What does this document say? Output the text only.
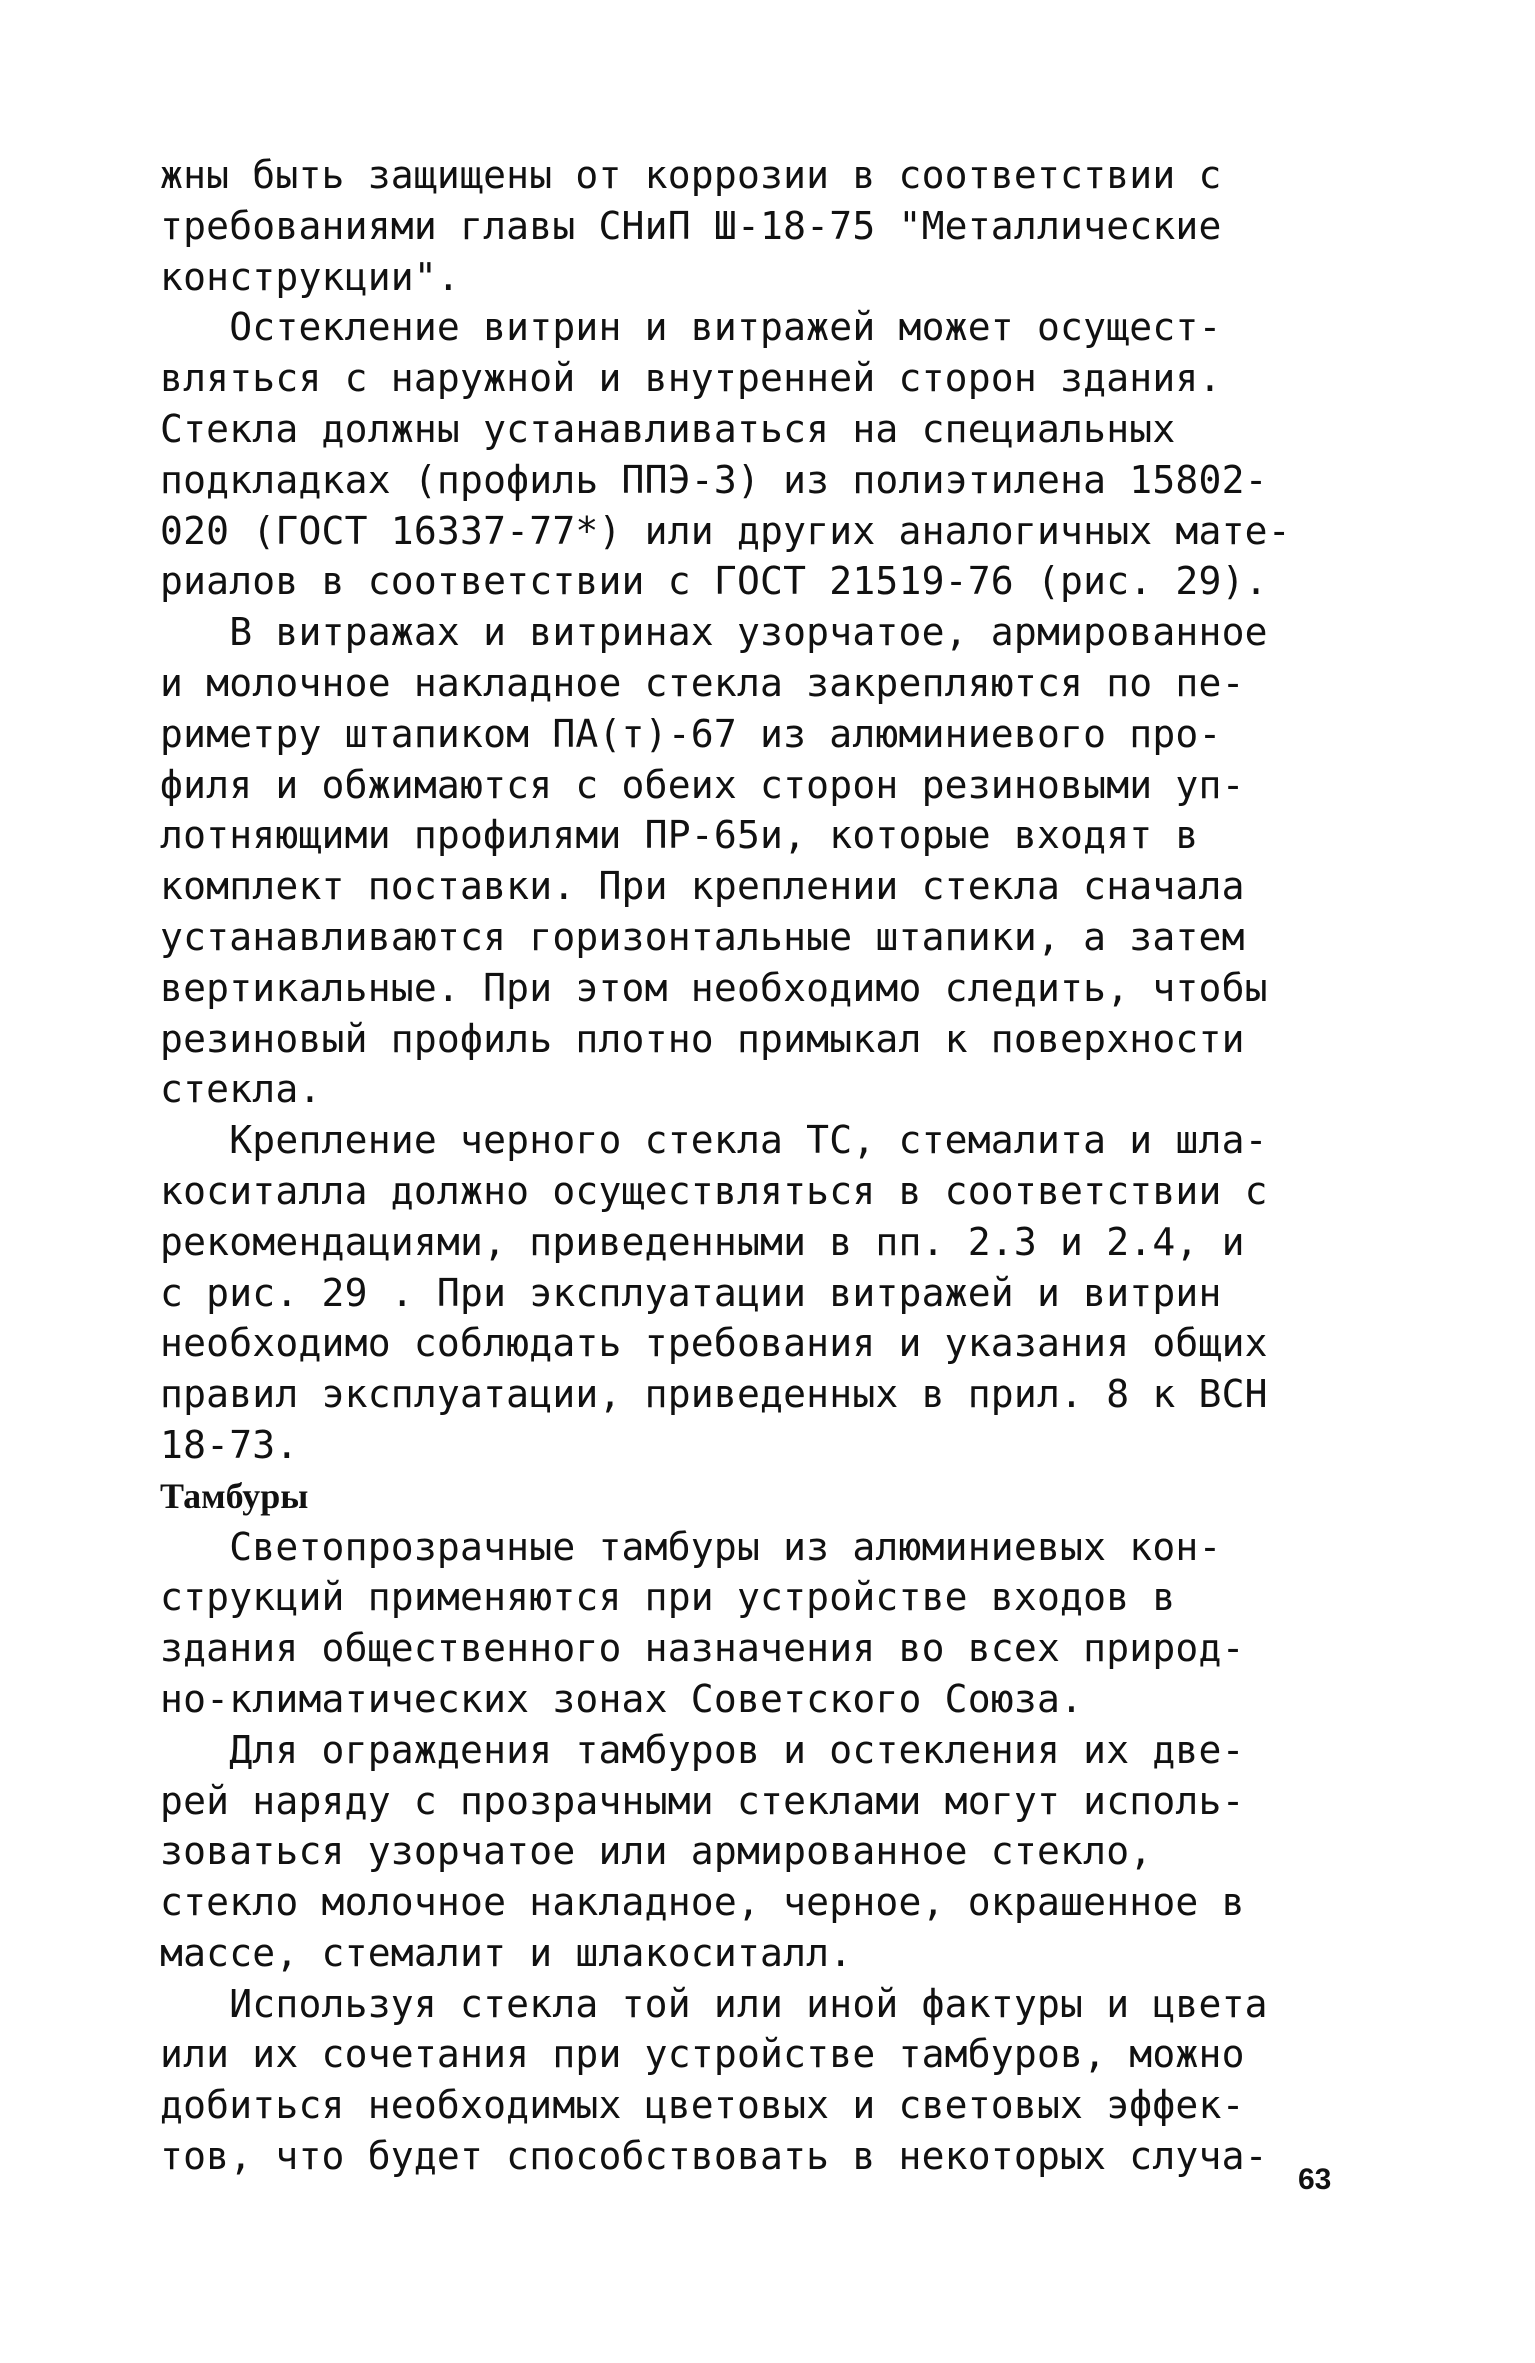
жны быть защищены от коррозии в соответствии с
требованиями главы СНиП Ш-18-75 "Металлические
конструкции".
Остекление витрин и витражей может осущест-
вляться с наружной и внутренней сторон здания.
Стекла должны устанавливаться на специальных
подкладках (профиль ППЭ-3) из полиэтилена 15802-
020 (ГОСТ 16337-77*) или других аналогичных мате-
риалов в соответствии с ГОСТ 21519-76 (рис. 29).
В витражах и витринах узорчатое, армированное
и молочное накладное стекла закрепляются по пе-
риметру штапиком ПА(т)-67 из алюминиевого про-
филя и обжимаются с обеих сторон резиновыми уп-
лотняющими профилями ПР-65и, которые входят в
комплект поставки. При креплении стекла сначала
устанавливаются горизонтальные штапики, а затем
вертикальные. При этом необходимо следить, чтобы
резиновый профиль плотно примыкал к поверхности
стекла.
Крепление черного стекла ТС, стемалита и шла-
коситалла должно осуществляться в соответствии с
рекомендациями, приведенными в пп. 2.3 и 2.4, и
с рис. 29 . При эксплуатации витражей и витрин
необходимо соблюдать требования и указания общих
правил эксплуатации, приведенных в прил. 8 к ВСН
18-73.
Тамбуры
Светопрозрачные тамбуры из алюминиевых кон-
струкций применяются при устройстве входов в
здания общественного назначения во всех природ-
но-климатических зонах Советского Союза.
Для ограждения тамбуров и остекления их две-
рей наряду с прозрачными стеклами могут исполь-
зоваться узорчатое или армированное стекло,
стекло молочное накладное, черное, окрашенное в
массе, стемалит и шлакоситалл.
Используя стекла той или иной фактуры и цвета
или их сочетания при устройстве тамбуров, можно
добиться необходимых цветовых и световых эффек-
тов, что будет способствовать в некоторых случа-
63
